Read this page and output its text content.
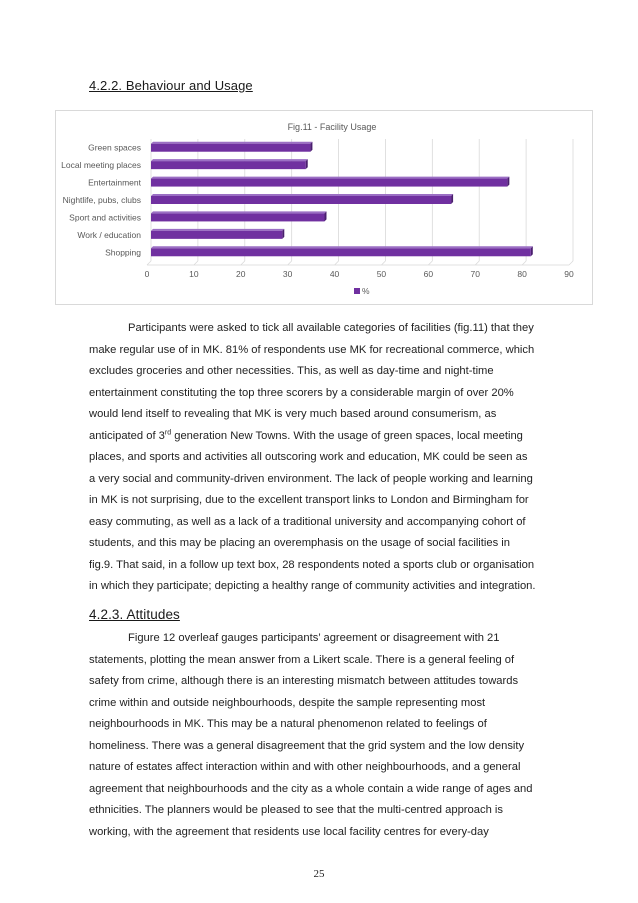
4.2.2. Behaviour and Usage
Fig.11 - Facility Usage
0	10	20	30	40	50	60	70	80	90
Green spaces
Local meeting places
Entertainment
Nightlife, pubs, clubs
Sport and activities
Work / education
Shopping
%

Participants were asked to tick all available categories of facilities (fig.11) that they

make regular use of in MK. 81% of respondents use MK for recreational commerce, which

excludes groceries and other necessities. This, as well as day-time and night-time

entertainment constituting the top three scorers by a considerable margin of over 20%

would lend itself to revealing that MK is very much based around consumerism, as

anticipated of 3rd generation New Towns. With the usage of green spaces, local meeting

places, and sports and activities all outscoring work and education, MK could be seen as

a very social and community-driven environment. The lack of people working and learning

in MK is not surprising, due to the excellent transport links to London and Birmingham for

easy commuting, as well as a lack of a traditional university and accompanying cohort of

students, and this may be placing an overemphasis on the usage of social facilities in

fig.9. That said, in a follow up text box, 28 respondents noted a sports club or organisation

in which they participate; depicting a healthy range of community activities and integration.

4.2.3. Attitudes

Figure 12 overleaf gauges participants’ agreement or disagreement with 21

statements, plotting the mean answer from a Likert scale. There is a general feeling of

safety from crime, although there is an interesting mismatch between attitudes towards

crime within and outside neighbourhoods, despite the sample representing most

neighbourhoods in MK. This may be a natural phenomenon related to feelings of

homeliness. There was a general disagreement that the grid system and the low density

nature of estates affect interaction within and with other neighbourhoods, and a general

agreement that neighbourhoods and the city as a whole contain a wide range of ages and

ethnicities. The planners would be pleased to see that the multi-centred approach is

working, with the agreement that residents use local facility centres for every-day

25
